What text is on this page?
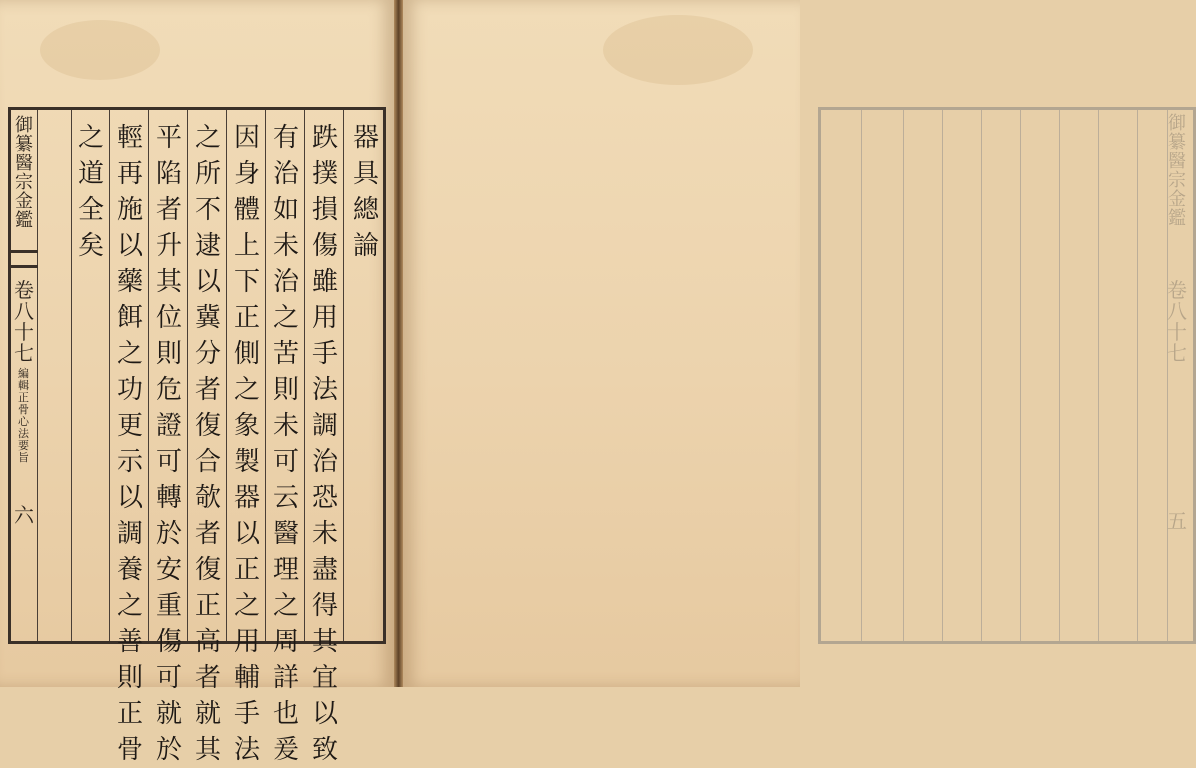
御纂醫宗金鑑
卷八十七
編輯正骨心法要旨
六
器具總論
跌撲損傷雖用手法調治恐未盡得其宜以致
有治如未治之苦則未可云醫理之周詳也爰
因身體上下正側之象製器以正之用輔手法
之所不逮以冀分者復合欹者復正高者就其
平陷者升其位則危證可轉於安重傷可就於
輕再施以藥餌之功更示以調養之善則正骨
之道全矣
御纂醫宗金鑑
卷八十七
五
